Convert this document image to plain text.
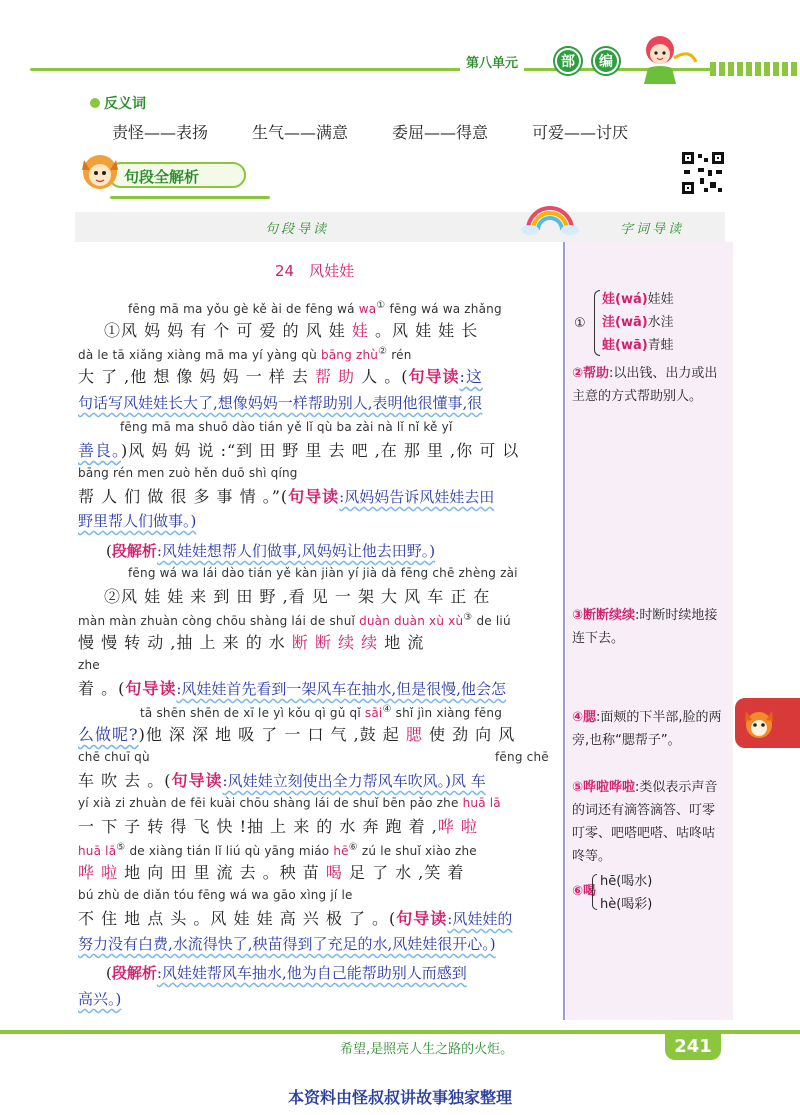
第八单元	部	编
反义词
责怪——表扬	生气——满意	委屈——得意	可爱——讨厌
句段全解析
句段导读	字词导读
24　风娃娃
fēng mā ma yǒu gè kě ài de fēng wá wa① fēng wá wa zhǎng
①风 妈 妈 有 个 可 爱 的 风 娃 娃 。风 娃 娃 长
dà le tā xiǎng xiàng mā ma yí yàng qù bāng zhù② rén
大 了 ,他 想 像 妈 妈 一 样 去 帮 助 人 。(句导读:这
句话写风娃娃长大了,想像妈妈一样帮助别人,表明他很懂事,很
fēng mā ma shuō dào tián yě lǐ qù ba zài nà lǐ nǐ kě yǐ
善良。)风 妈 妈 说 :“到 田 野 里 去 吧 ,在 那 里 ,你 可 以
bāng rén men zuò hěn duō shì qíng
帮 人 们 做 很 多 事 情 。”(句导读:风妈妈告诉风娃娃去田
野里帮人们做事。)
(段解析:风娃娃想帮人们做事,风妈妈让他去田野。)
fēng wá wa lái dào tián yě kàn jiàn yí jià dà fēng chē zhèng zài
②风 娃 娃 来 到 田 野 ,看 见 一 架 大 风 车 正 在
màn màn zhuàn còng chōu shàng lái de shuǐ duàn duàn xù xù③ de liú
慢 慢 转 动 ,抽 上 来 的 水 断 断 续 续 地 流
zhe
着 。(句导读:风娃娃首先看到一架风车在抽水,但是很慢,他会怎
tā shēn shēn de xī le yì kǒu qì gǔ qǐ sāi④ shǐ jìn xiàng fēng
么做呢?)他 深 深 地 吸 了 一 口 气 ,鼓 起 腮 使 劲 向 风
chē chuī qù	fēng chē
车 吹 去 。(句导读:风娃娃立刻使出全力帮风车吹风。)风 车
yí xià zi zhuàn de fēi kuài chōu shàng lái de shuǐ bēn pǎo zhe huā lā
一 下 子 转 得 飞 快 !抽 上 来 的 水 奔 跑 着 ,哗 啦
huā lā⑤ de xiàng tián lǐ liú qù yāng miáo hē⑥ zú le shuǐ xiào zhe
哗 啦 地 向 田 里 流 去 。秧 苗 喝 足 了 水 ,笑 着
bú zhù de diǎn tóu fēng wá wa gāo xìng jí le
不 住 地 点 头 。风 娃 娃 高 兴 极 了 。(句导读:风娃娃的
努力没有白费,水流得快了,秧苗得到了充足的水,风娃娃很开心。)
(段解析:风娃娃帮风车抽水,他为自己能帮助别人而感到
高兴。)
①
娃(wá)娃娃
洼(wā)水洼
蛙(wā)青蛙
②帮助:以出钱、出力或出主意的方式帮助别人。
③断断续续:时断时续地接连下去。
④腮:面颊的下半部,脸的两旁,也称“腮帮子”。
⑤哗啦哗啦:类似表示声音的词还有滴答滴答、叮零叮零、吧嗒吧嗒、咕咚咕咚等。
⑥喝
hē(喝水)
hè(喝彩)
希望,是照亮人生之路的火炬。	241
本资料由怪叔叔讲故事独家整理
